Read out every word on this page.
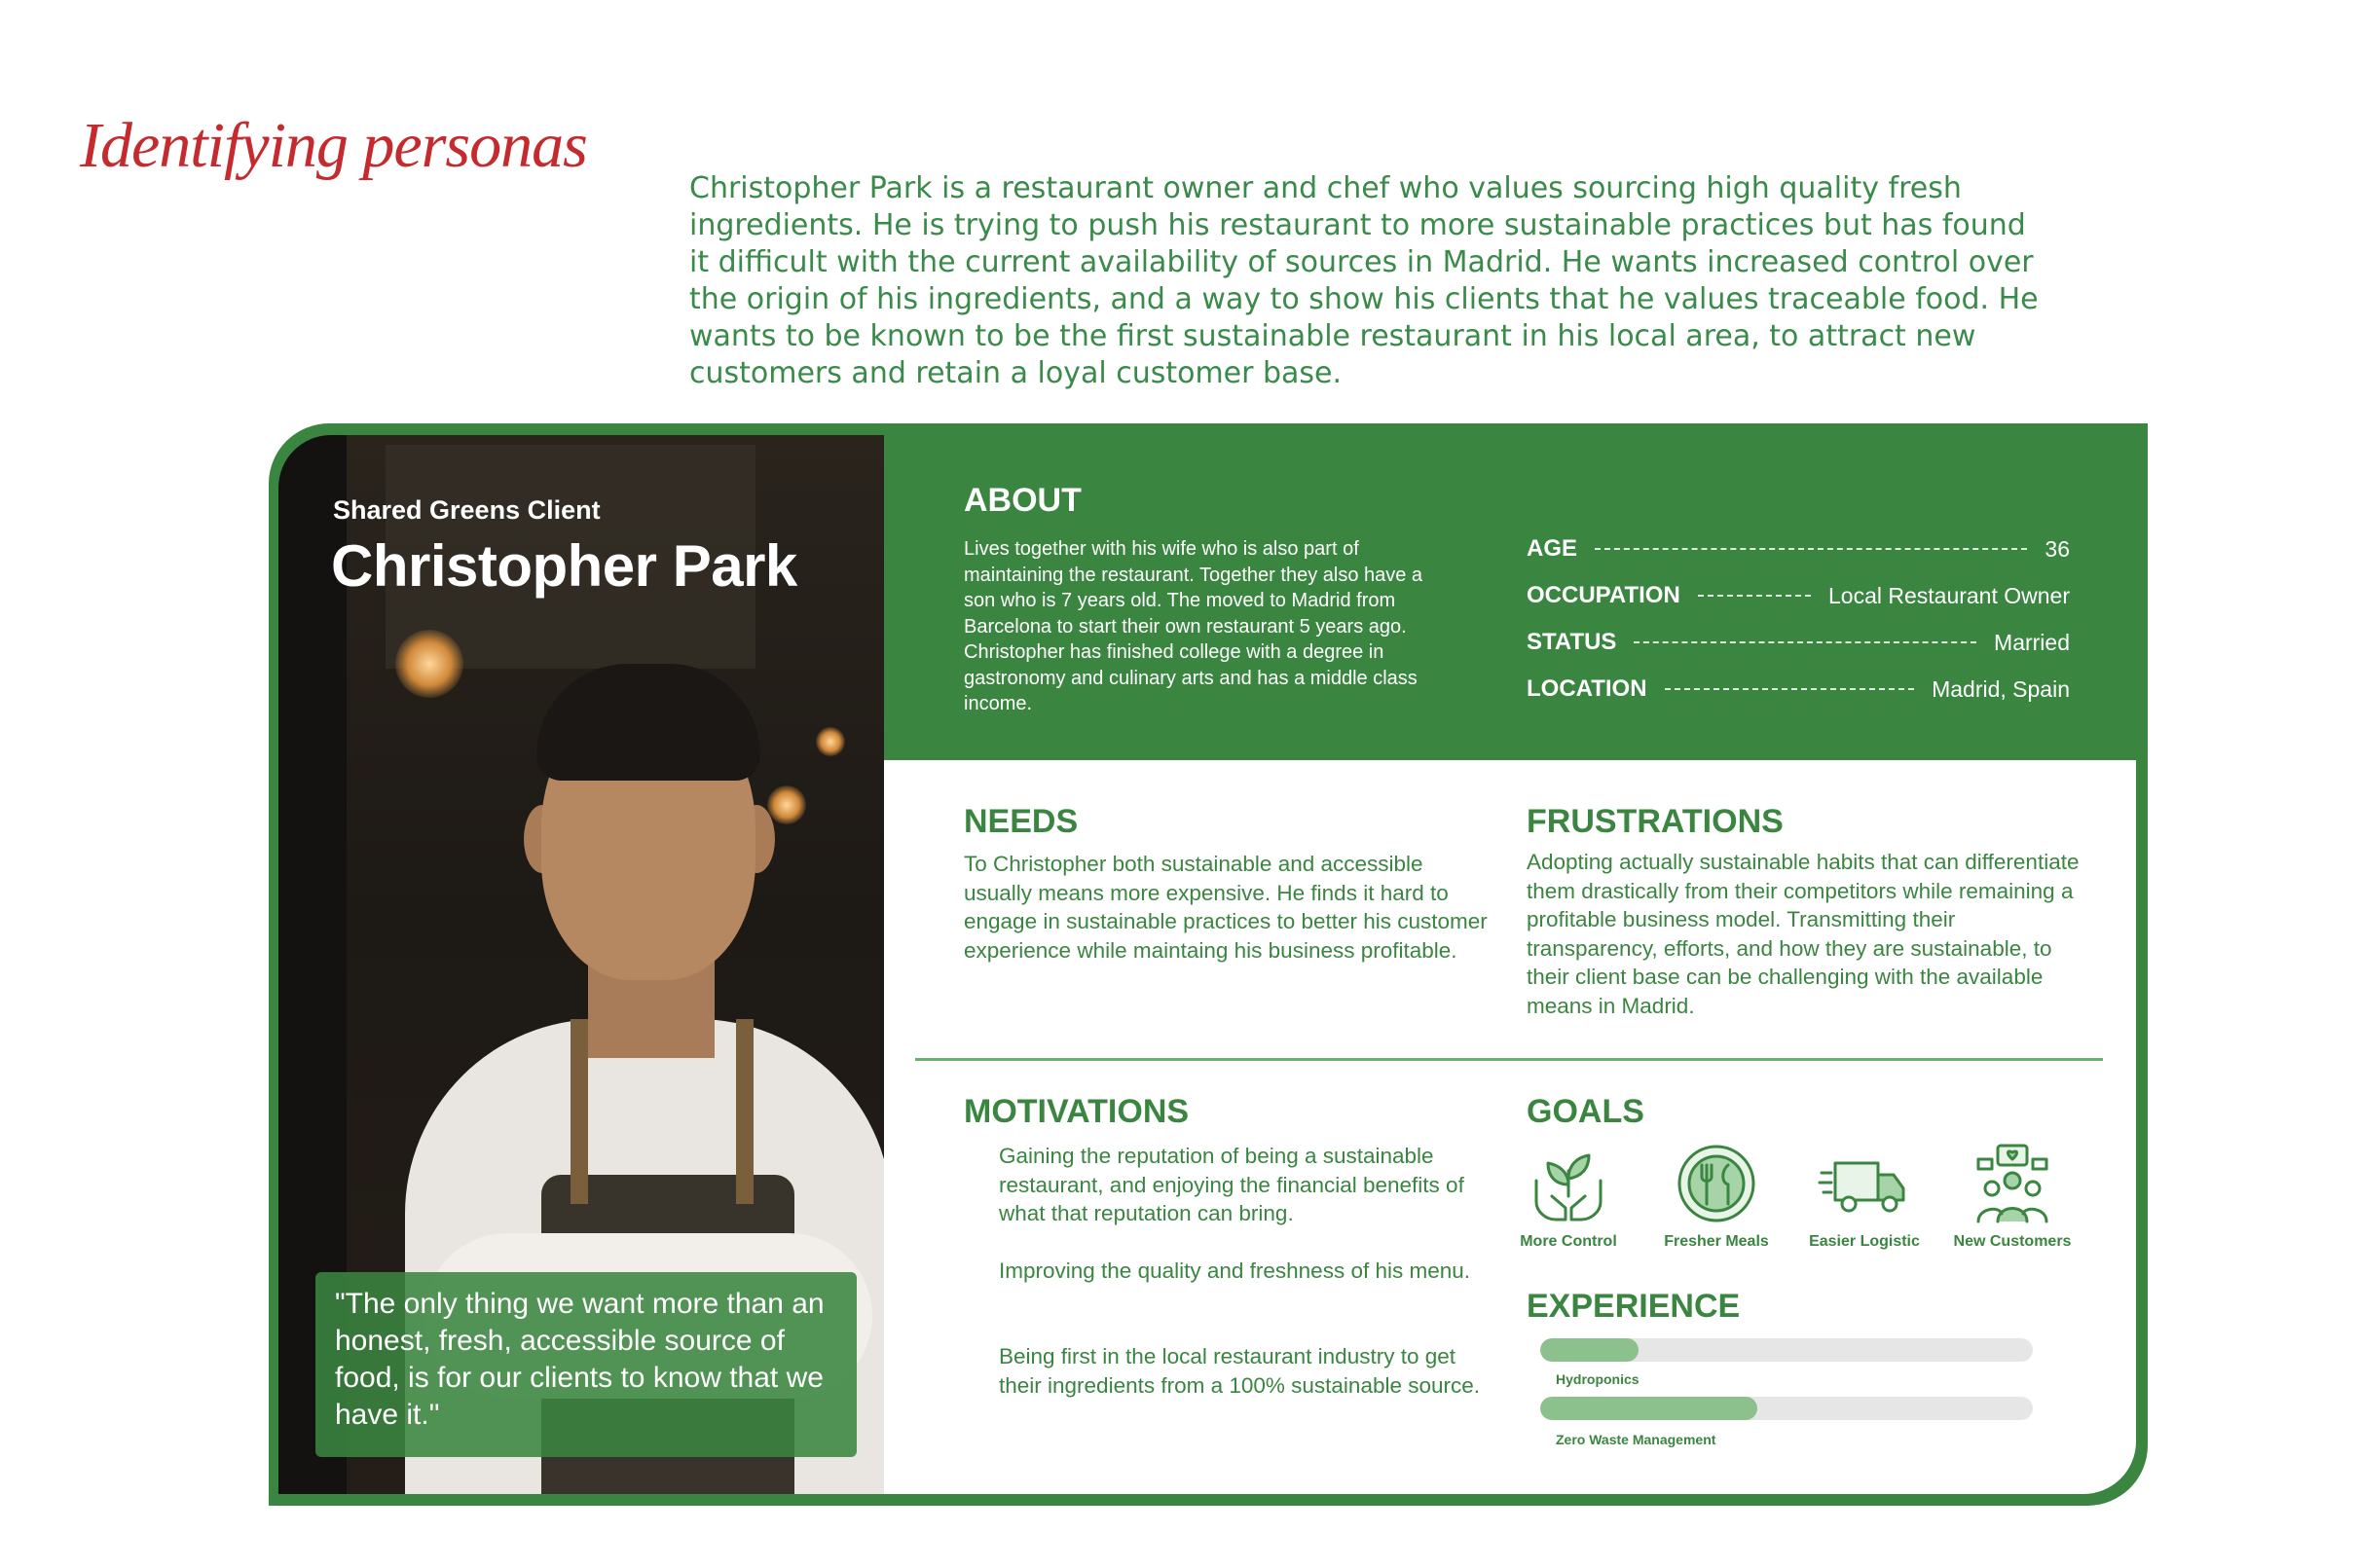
Identifying personas
Christopher Park is a restaurant owner and chef who values sourcing high quality fresh ingredients. He is trying to push his restaurant to more sustainable practices but has found it difficult with the current availability of sources in Madrid. He wants increased control over the origin of his ingredients, and a way to show his clients that he values traceable food. He wants to be known to be the first sustainable restaurant in his local area, to attract new customers and retain a loyal customer base.
Shared Greens Client
Christopher Park
"The only thing we want more than an honest, fresh, accessible source of food, is for our clients to know that we have it."
ABOUT
Lives together with his wife who is also part of maintaining the restaurant. Together they also have a son who is 7 years old. The moved to Madrid from Barcelona to start their own restaurant 5 years ago. Christopher has finished college with a degree in gastronomy and culinary arts and has a middle class income.
AGE	36
OCCUPATION	Local Restaurant Owner
STATUS	Married
LOCATION	Madrid, Spain
NEEDS
To Christopher both sustainable and accessible usually means more expensive. He finds it hard to engage in sustainable practices to better his customer experience while maintaing his business profitable.
FRUSTRATIONS
Adopting actually sustainable habits that can differentiate them drastically from their competitors while remaining a profitable business model. Transmitting their transparency, efforts, and how they are sustainable, to their client base can be challenging with the available means in Madrid.
MOTIVATIONS
Gaining the reputation of being a sustainable restaurant, and enjoying the financial benefits of what that reputation can bring.
Improving the quality and freshness of his menu.
Being first in the local restaurant industry to get their ingredients from a 100% sustainable source.
GOALS
More Control	Fresher Meals	Easier Logistic	New Customers
EXPERIENCE
Hydroponics
Zero Waste Management
